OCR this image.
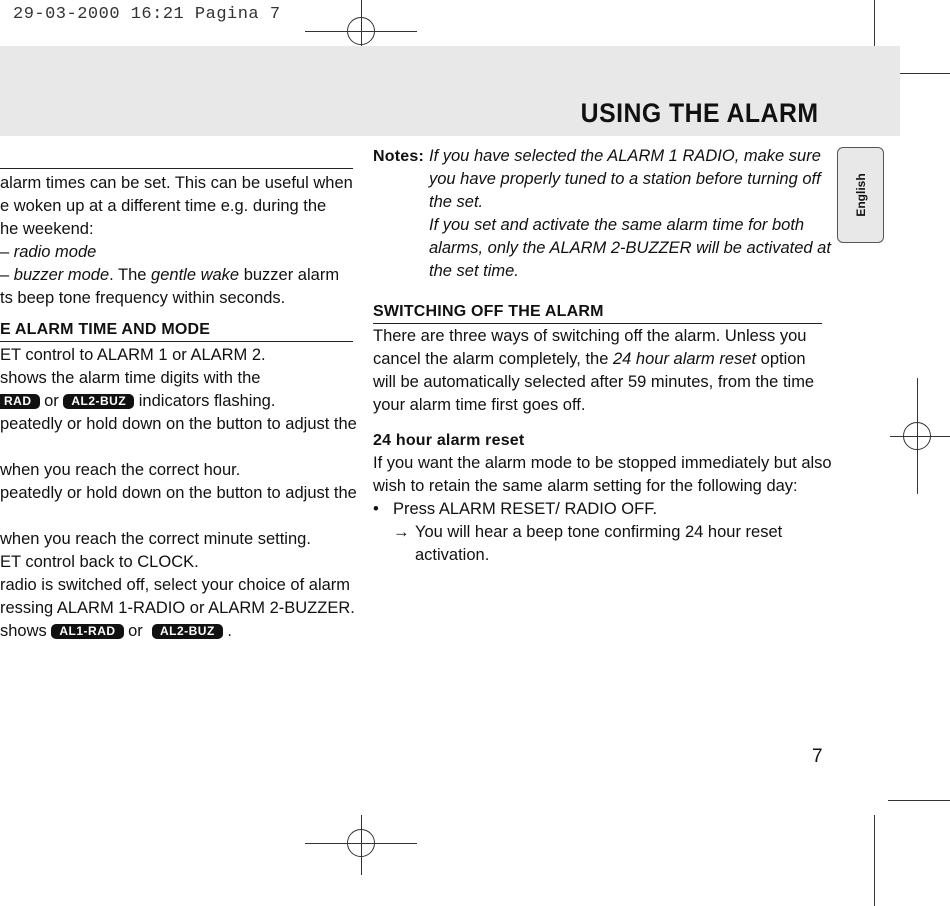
29-03-2000 16:21 Pagina 7
USING THE ALARM
English

alarm times can be set. This can be useful when

e woken up at a different time e.g. during the

he weekend:

– radio mode

– buzzer mode. The gentle wake buzzer alarm

ts beep tone frequency within seconds.

E ALARM TIME AND MODE

ET control to ALARM 1 or ALARM 2.

shows the alarm time digits with the

RAD or AL2-BUZ indicators flashing.

peatedly or hold down on the button to adjust the

when you reach the correct hour.

peatedly or hold down on the button to adjust the

when you reach the correct minute setting.

ET control back to CLOCK.

radio is switched off, select your choice of alarm

ressing ALARM 1-RADIO or ALARM 2-BUZZER.

shows AL1-RAD or  AL2-BUZ .

Notes: If you have selected the ALARM 1 RADIO, make sure

you have properly tuned to a station before turning off

the set.

If you set and activate the same alarm time for both

alarms, only the ALARM 2-BUZZER will be activated at

the set time.

SWITCHING OFF THE ALARM

There are three ways of switching off the alarm. Unless you

cancel the alarm completely, the 24 hour alarm reset option

will be automatically selected after 59 minutes, from the time

your alarm time first goes off.

24 hour alarm reset

If you want the alarm mode to be stopped immediately but also

wish to retain the same alarm setting for the following day:

• Press ALARM RESET/ RADIO OFF.

→ You will hear a beep tone confirming 24 hour reset

activation.

7
